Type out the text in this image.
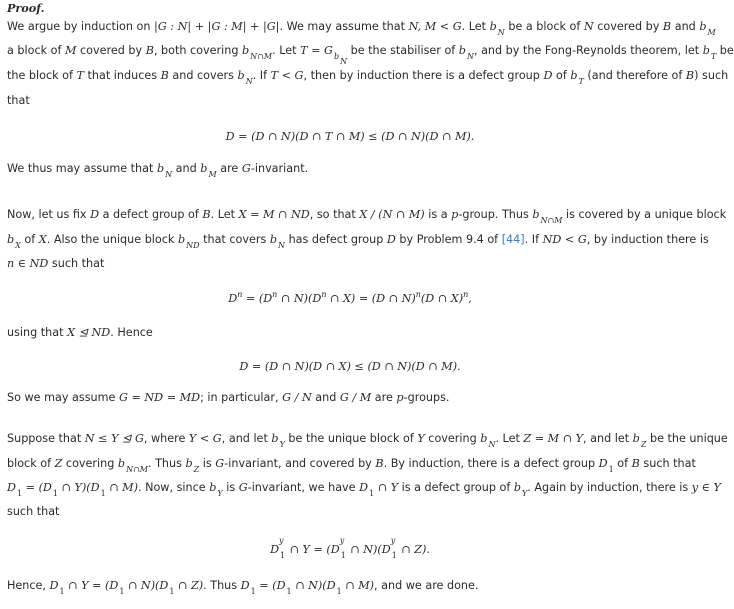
Proof.
We argue by induction on |G : N| + |G : M| + |G|. We may assume that N, M < G. Let $b_N$ be a block of N covered by B and $b_M$
a block of M covered by B, both covering $b_{N\cap M}$. Let $T = G_{b_N}$ be the stabiliser of $b_N$, and by the Fong-Reynolds theorem, let $b_T$ be
the block of T that induces B and covers $b_N$. If T < G, then by induction there is a defect group D of $b_T$ (and therefore of B) such
that
D = (D ∩ N)(D ∩ T ∩ M) ≤ (D ∩ N)(D ∩ M).
We thus may assume that $b_N$ and $b_M$ are G-invariant.
Now, let us fix D a defect group of B. Let X = M ∩ ND, so that X / (N ∩ M) is a p-group. Thus $b_{N\cap M}$ is covered by a unique block
$b_X$ of X. Also the unique block $b_{ND}$ that covers $b_N$ has defect group D by Problem 9.4 of [44]. If ND < G, by induction there is
n ∈ ND such that
$D^n = (D^n$ ∩ $N)(D^n$ ∩ X) = (D ∩ N)$^n$(D ∩ X)$^n$,
using that X ⊴ ND. Hence
D = (D ∩ N)(D ∩ X) ≤ (D ∩ N)(D ∩ M).
So we may assume G = ND = MD; in particular, G / N and G / M are p-groups.
Suppose that N ≤ Y ⊴ G, where Y < G, and let $b_Y$ be the unique block of Y covering $b_N$. Let Z = M ∩ Y, and let $b_Z$ be the unique
block of Z covering $b_{N\cap M}$. Thus $b_Z$ is G-invariant, and covered by B. By induction, there is a defect group $D_1$ of B such that
$D_1 = (D_1$ ∩ $Y)(D_1$ ∩ M). Now, since $b_Y$ is G-invariant, we have $D_1$ ∩ Y is a defect group of $b_Y$. Again by induction, there is y ∈ Y
such that
D
y
1 ∩ Y = (D
y
1 ∩ N)(D
y
1 ∩ Z).
Hence, $D_1$ ∩ $Y = (D_1$ ∩ $N)(D_1$ ∩ Z). Thus $D_1 = (D_1$ ∩ $N)(D_1$ ∩ M), and we are done.
